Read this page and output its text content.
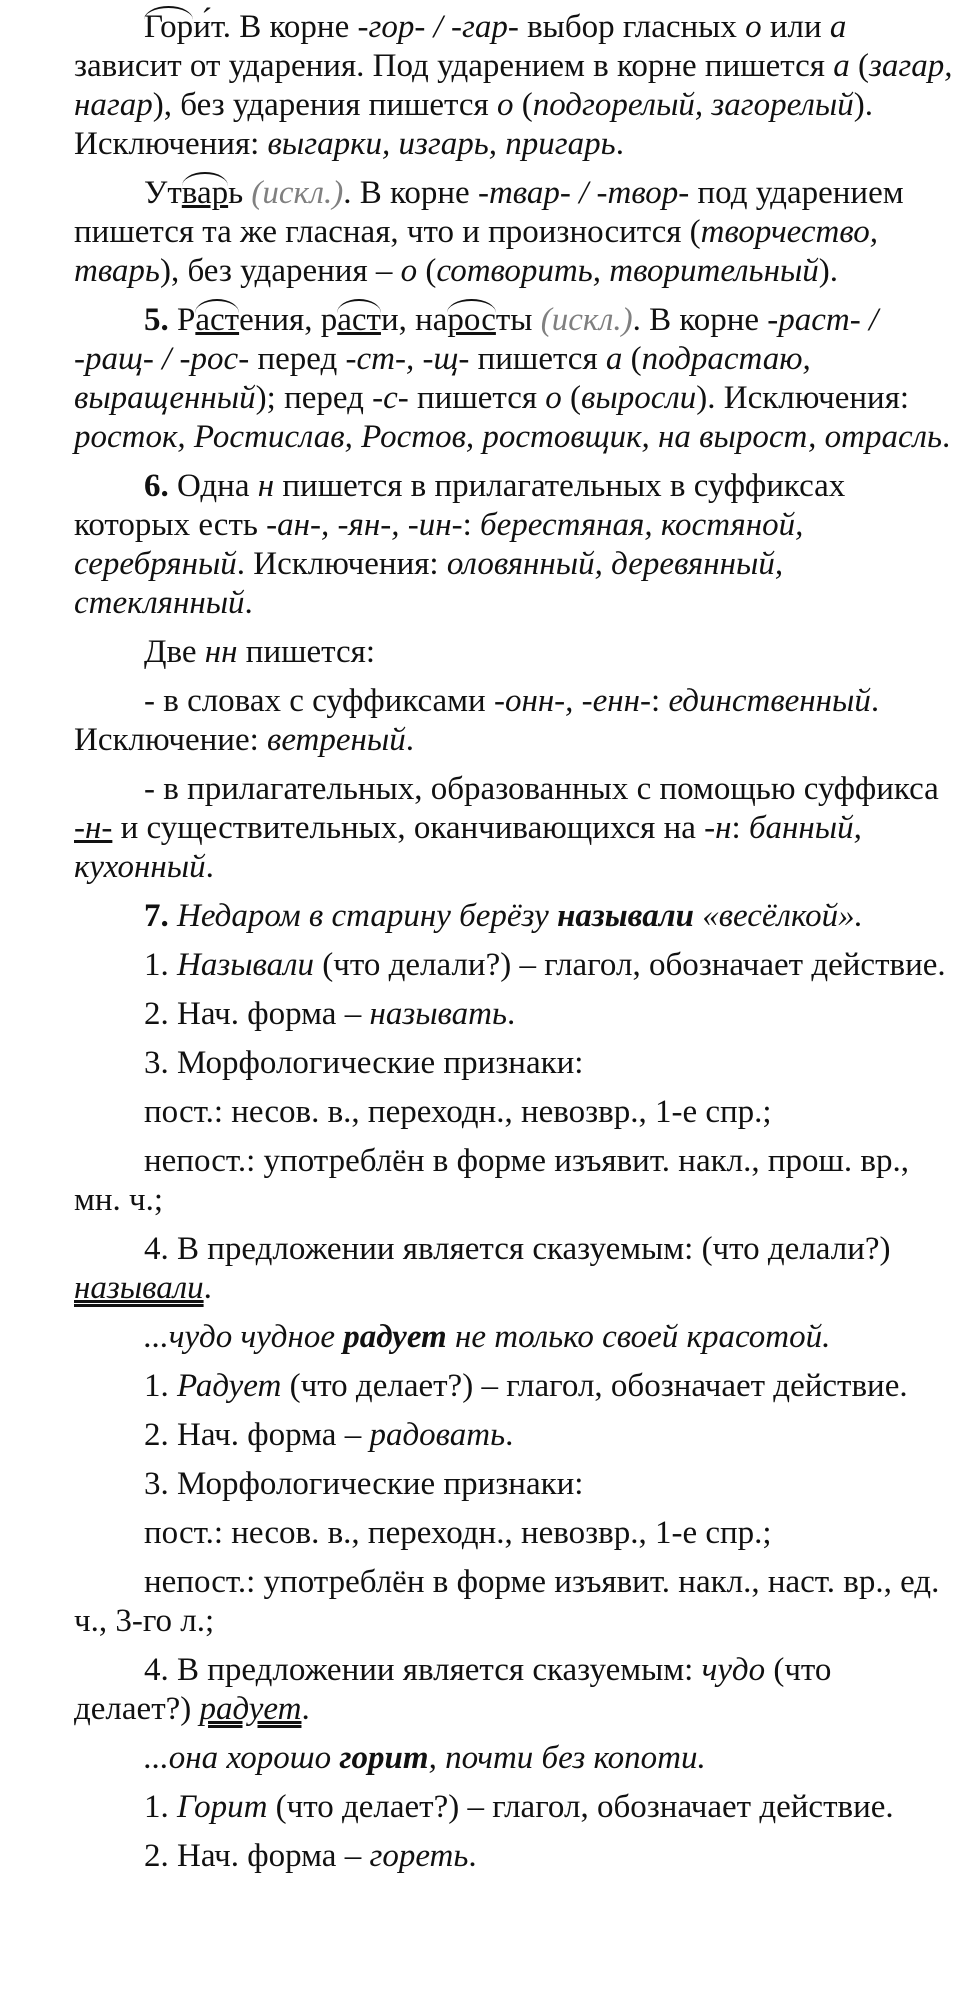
Гори́т. В корне -гор- / -гар- выбор гласных о или а зависит от ударения. Под ударением в корне пишется а (загар, нагар), без ударения пишется о (подгорелый, загорелый). Исключения: выгарки, изгарь, пригарь.

Утварь (искл.). В корне -твар- / -твор- под ударением пишется та же гласная, что и произносится (творчество, тварь), без ударения – о (сотворить, творительный).

5. Растения, расти, наросты (искл.). В корне -раст- / -ращ- / -рос- перед -ст-, -щ- пишется а (подрастаю, выращенный); перед -с- пишется о (выросли). Исключения: росток, Ростислав, Ростов, ростовщик, на вырост, отрасль.

6. Одна н пишется в прилагательных в суффиксах которых есть -ан-, -ян-, -ин-: берестяная, костяной, серебряный. Исключения: оловянный, деревянный, стеклянный.

Две нн пишется:

- в словах с суффиксами -онн-, -енн-: единственный. Исключение: ветреный.

- в прилагательных, образованных с помощью суффикса -н- и существительных, оканчивающихся на -н: банный, кухонный.

7. Недаром в старину берёзу называли «весёлкой».

1. Называли (что делали?) – глагол, обозначает действие.

2. Нач. форма – называть.

3. Морфологические признаки:

пост.: несов. в., переходн., невозвр., 1-е спр.;

непост.: употреблён в форме изъявит. накл., прош. вр., мн. ч.;

4. В предложении является сказуемым: (что делали?) называли.

...чудо чудное радует не только своей красотой.

1. Радует (что делает?) – глагол, обозначает действие.

2. Нач. форма – радовать.

3. Морфологические признаки:

пост.: несов. в., переходн., невозвр., 1-е спр.;

непост.: употреблён в форме изъявит. накл., наст. вр., ед. ч., 3-го л.;

4. В предложении является сказуемым: чудо (что делает?) радует.

...она хорошо горит, почти без копоти.

1. Горит (что делает?) – глагол, обозначает действие.

2. Нач. форма – гореть.
